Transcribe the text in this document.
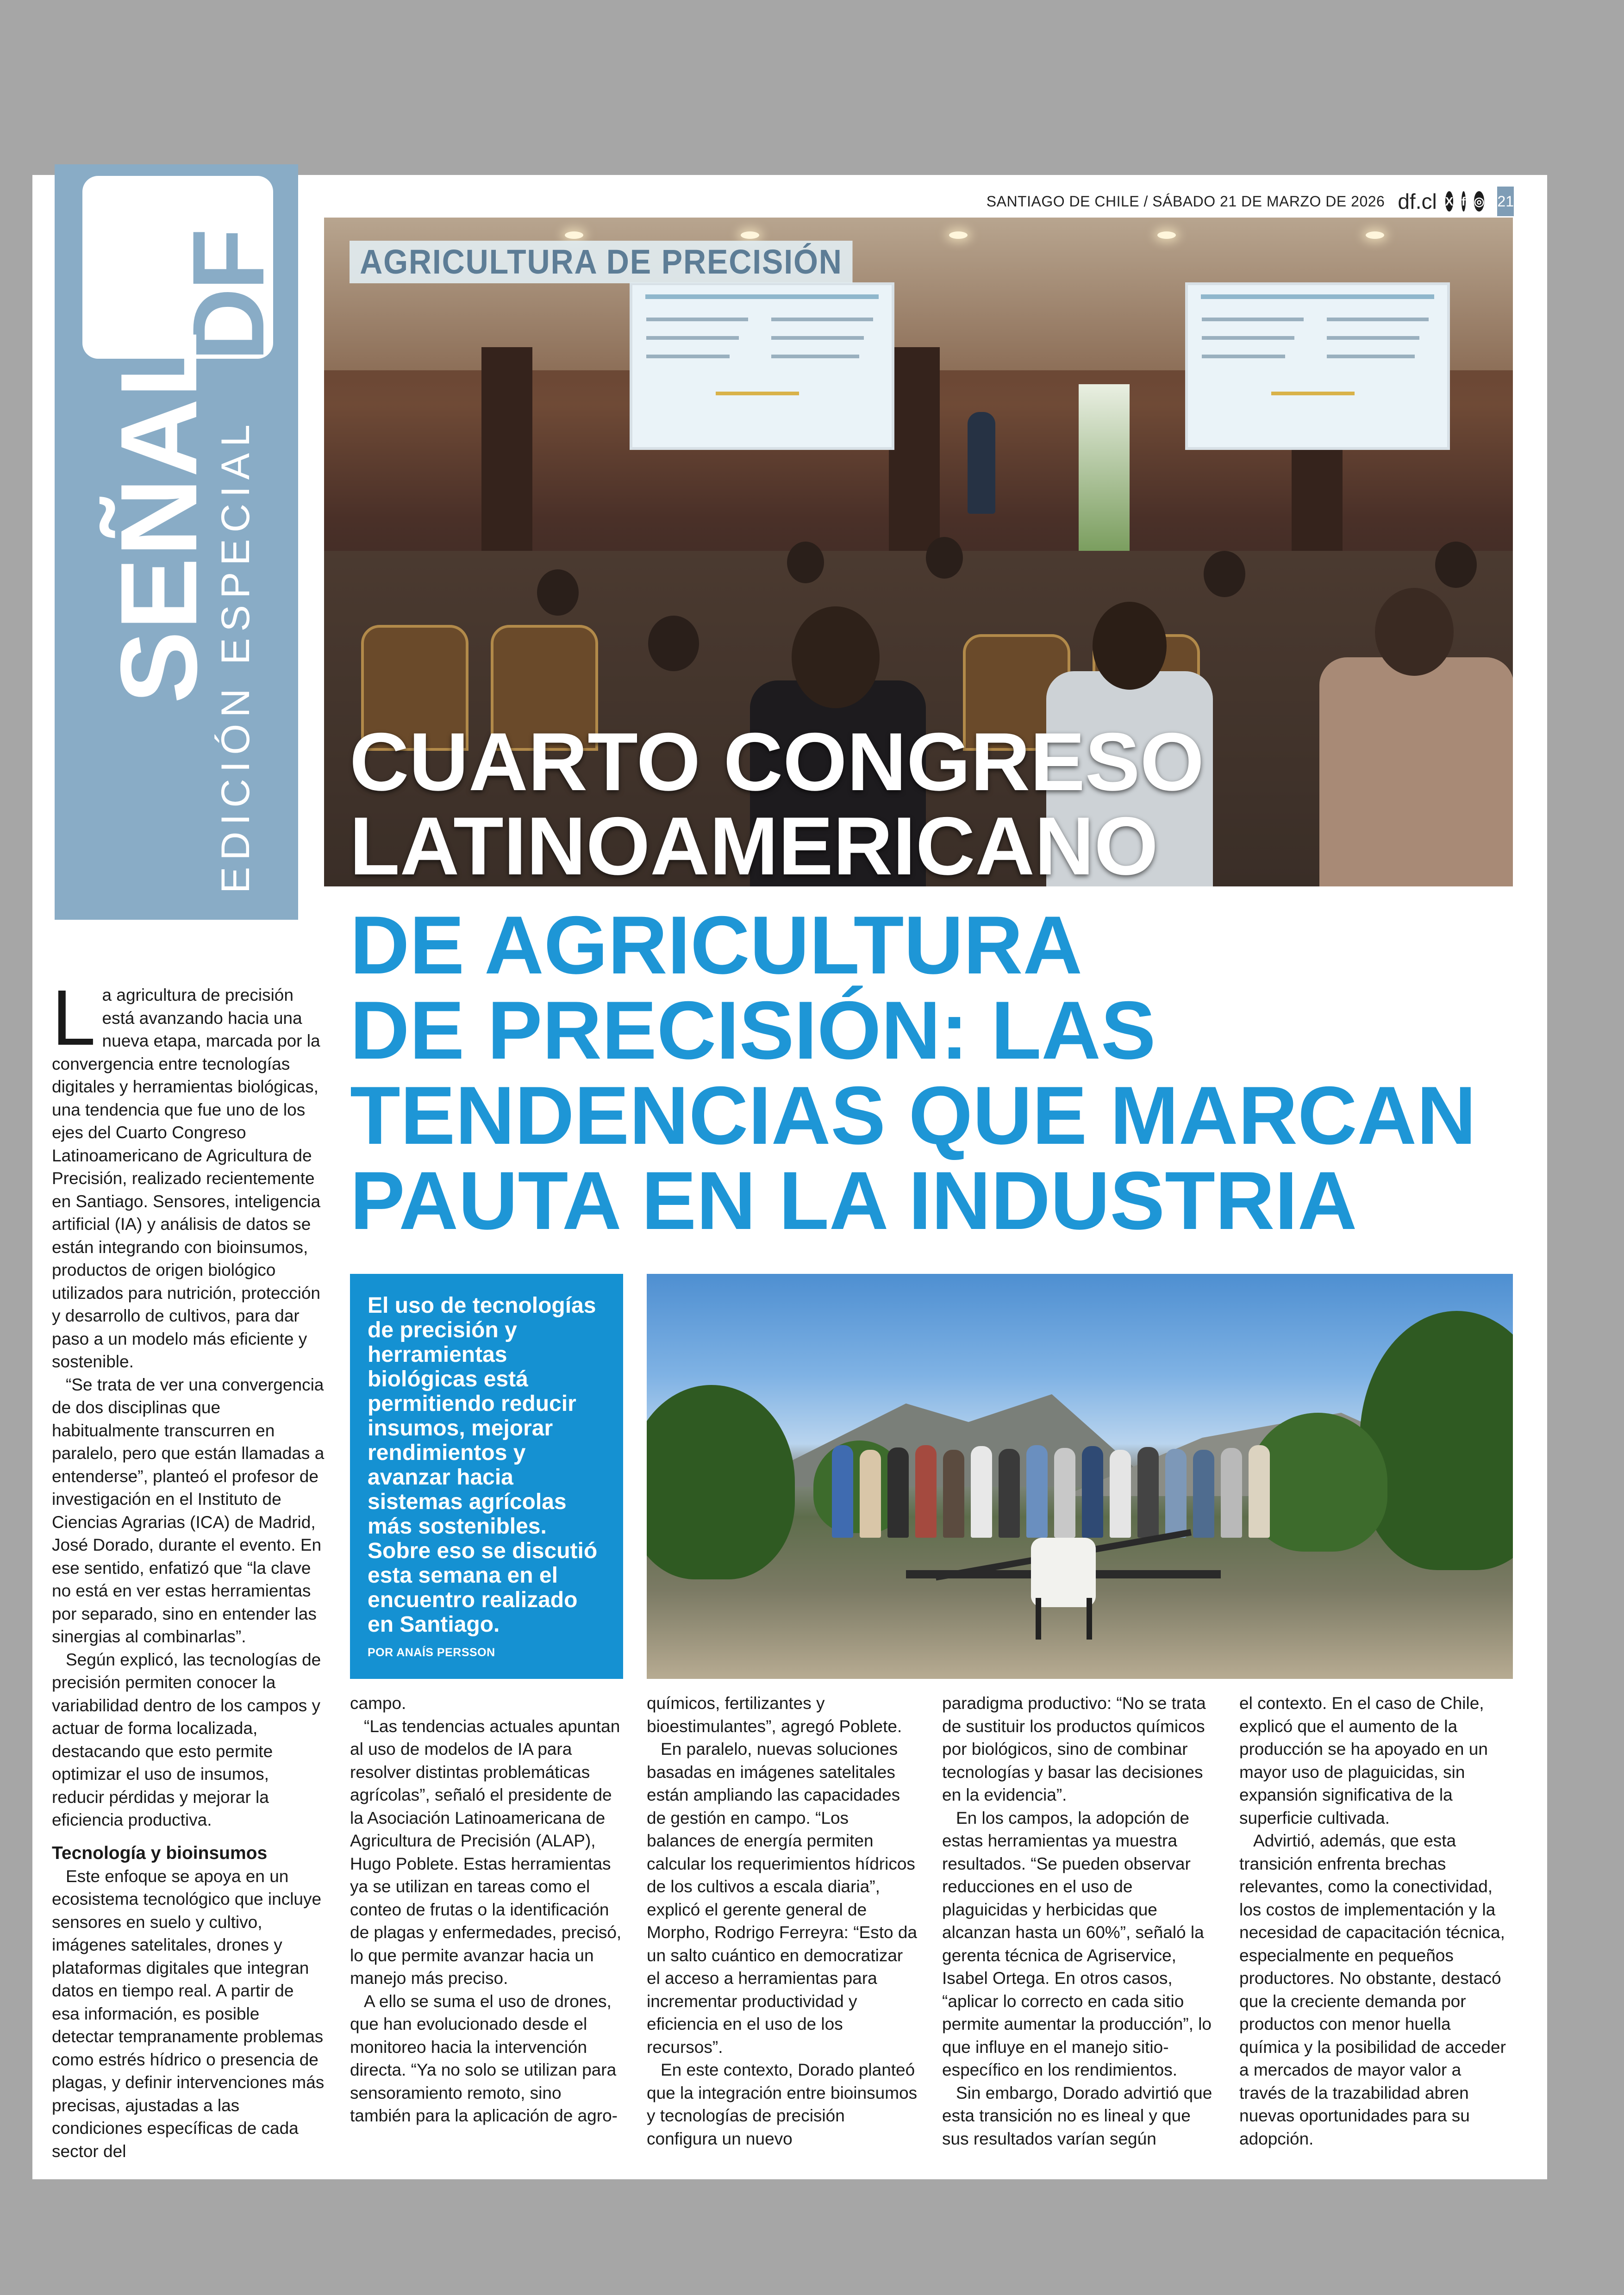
DF
SEÑAL
EDICIÓN ESPECIAL
SANTIAGO DE CHILE / SÁBADO 21 DE MARZO DE 2026 df.cl X f ◎ 21
AGRICULTURA DE PRECISIÓN
CUARTO CONGRESO
LATINOAMERICANO
DE AGRICULTURA
DE PRECISIÓN: LAS
TENDENCIAS QUE MARCAN
PAUTA EN LA INDUSTRIA

La agricultura de precisión está avanzando hacia una nueva etapa, marcada por la convergencia entre tecnologías digitales y herramientas biológicas, una tendencia que fue uno de los ejes del Cuarto Congreso Latinoamericano de Agricultura de Precisión, realizado recientemente en Santiago. Sensores, inteligencia artificial (IA) y análisis de datos se están integrando con bioinsumos, productos de origen biológico utilizados para nutrición, protección y desarrollo de cultivos, para dar paso a un modelo más eficiente y sostenible.

“Se trata de ver una convergencia de dos disciplinas que habitualmente transcurren en paralelo, pero que están llamadas a entenderse”, planteó el profesor de investigación en el Instituto de Ciencias Agrarias (ICA) de Madrid, José Dorado, durante el evento. En ese sentido, enfatizó que “la clave no está en ver estas herramientas por separado, sino en entender las sinergias al combinarlas”.

Según explicó, las tecnologías de precisión permiten conocer la variabilidad dentro de los campos y actuar de forma localizada, destacando que esto permite optimizar el uso de insumos, reducir pérdidas y mejorar la eficiencia productiva.

Tecnología y bioinsumos

Este enfoque se apoya en un ecosistema tecnológico que incluye sensores en suelo y cultivo, imágenes satelitales, drones y plataformas digitales que integran datos en tiempo real. A partir de esa información, es posible detectar tempranamente problemas como estrés hídrico o presencia de plagas, y definir intervenciones más precisas, ajustadas a las condiciones específicas de cada sector del

El uso de tecnologías de precisión y herramientas biológicas está permitiendo reducir insumos, mejorar rendimientos y avanzar hacia sistemas agrícolas más sostenibles. Sobre eso se discutió esta semana en el encuentro realizado en Santiago.
POR ANAÍS PERSSON

campo.

“Las tendencias actuales apuntan al uso de modelos de IA para resolver distintas problemáticas agrícolas”, señaló el presidente de la Asociación Latinoamericana de Agricultura de Precisión (ALAP), Hugo Poblete. Estas herramientas ya se utilizan en tareas como el conteo de frutas o la identificación de plagas y enfermedades, precisó, lo que permite avanzar hacia un manejo más preciso.

A ello se suma el uso de drones, que han evolucionado desde el monitoreo hacia la intervención directa. “Ya no solo se utilizan para sensoramiento remoto, sino también para la aplicación de agro-

químicos, fertilizantes y bioestimulantes”, agregó Poblete.

En paralelo, nuevas soluciones basadas en imágenes satelitales están ampliando las capacidades de gestión en campo. “Los balances de energía permiten calcular los requerimientos hídricos de los cultivos a escala diaria”, explicó el gerente general de Morpho, Rodrigo Ferreyra: “Esto da un salto cuántico en democratizar el acceso a herramientas para incrementar productividad y eficiencia en el uso de los recursos”.

En este contexto, Dorado planteó que la integración entre bioinsumos y tecnologías de precisión configura un nuevo

paradigma productivo: “No se trata de sustituir los productos químicos por biológicos, sino de combinar tecnologías y basar las decisiones en la evidencia”.

En los campos, la adopción de estas herramientas ya muestra resultados. “Se pueden observar reducciones en el uso de plaguicidas y herbicidas que alcanzan hasta un 60%”, señaló la gerenta técnica de Agriservice, Isabel Ortega. En otros casos, “aplicar lo correcto en cada sitio permite aumentar la producción”, lo que influye en el manejo sitio-específico en los rendimientos.

Sin embargo, Dorado advirtió que esta transición no es lineal y que sus resultados varían según

el contexto. En el caso de Chile, explicó que el aumento de la producción se ha apoyado en un mayor uso de plaguicidas, sin expansión significativa de la superficie cultivada.

Advirtió, además, que esta transición enfrenta brechas relevantes, como la conectividad, los costos de implementación y la necesidad de capacitación técnica, especialmente en pequeños productores. No obstante, destacó que la creciente demanda por productos con menor huella química y la posibilidad de acceder a mercados de mayor valor a través de la trazabilidad abren nuevas oportunidades para su adopción.
